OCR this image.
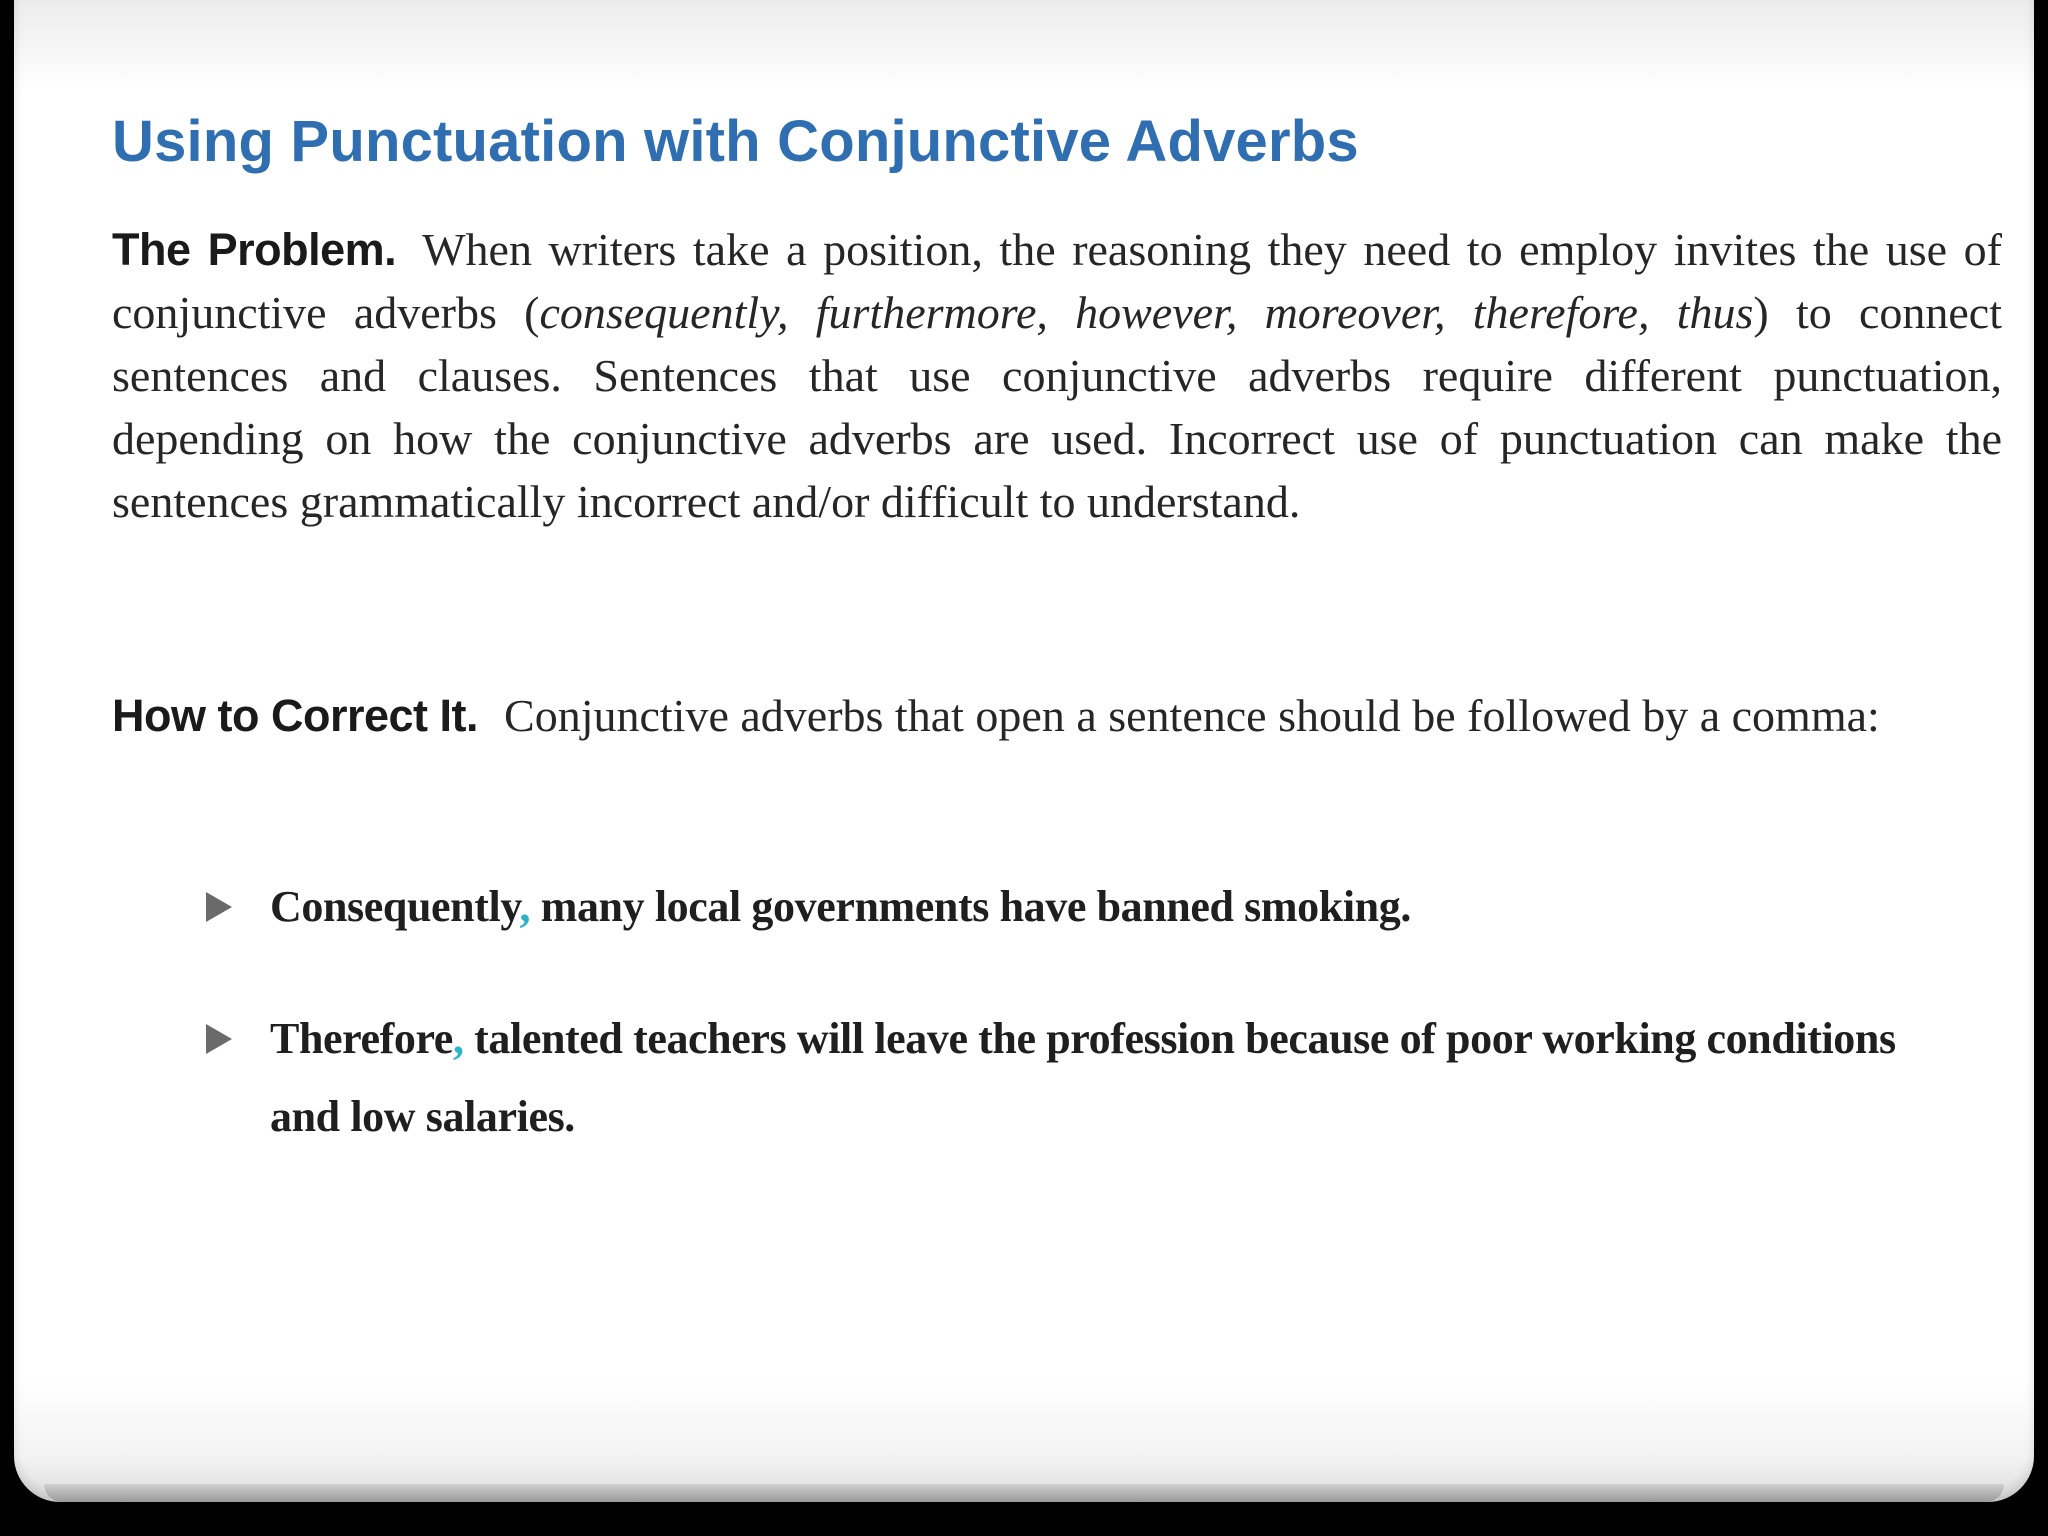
Using Punctuation with Conjunctive Adverbs
The Problem. When writers take a position, the reasoning they need to employ invites the use of conjunctive adverbs (consequently, furthermore, however, moreover, therefore, thus) to connect sentences and clauses. Sentences that use conjunctive adverbs require different punctuation, depending on how the conjunctive adverbs are used. Incorrect use of punctuation can make the sentences grammatically incorrect and/or difficult to understand.
How to Correct It. Conjunctive adverbs that open a sentence should be followed by a comma:
Consequently, many local governments have banned smoking.
Therefore, talented teachers will leave the profession because of poor working conditions and low salaries.
